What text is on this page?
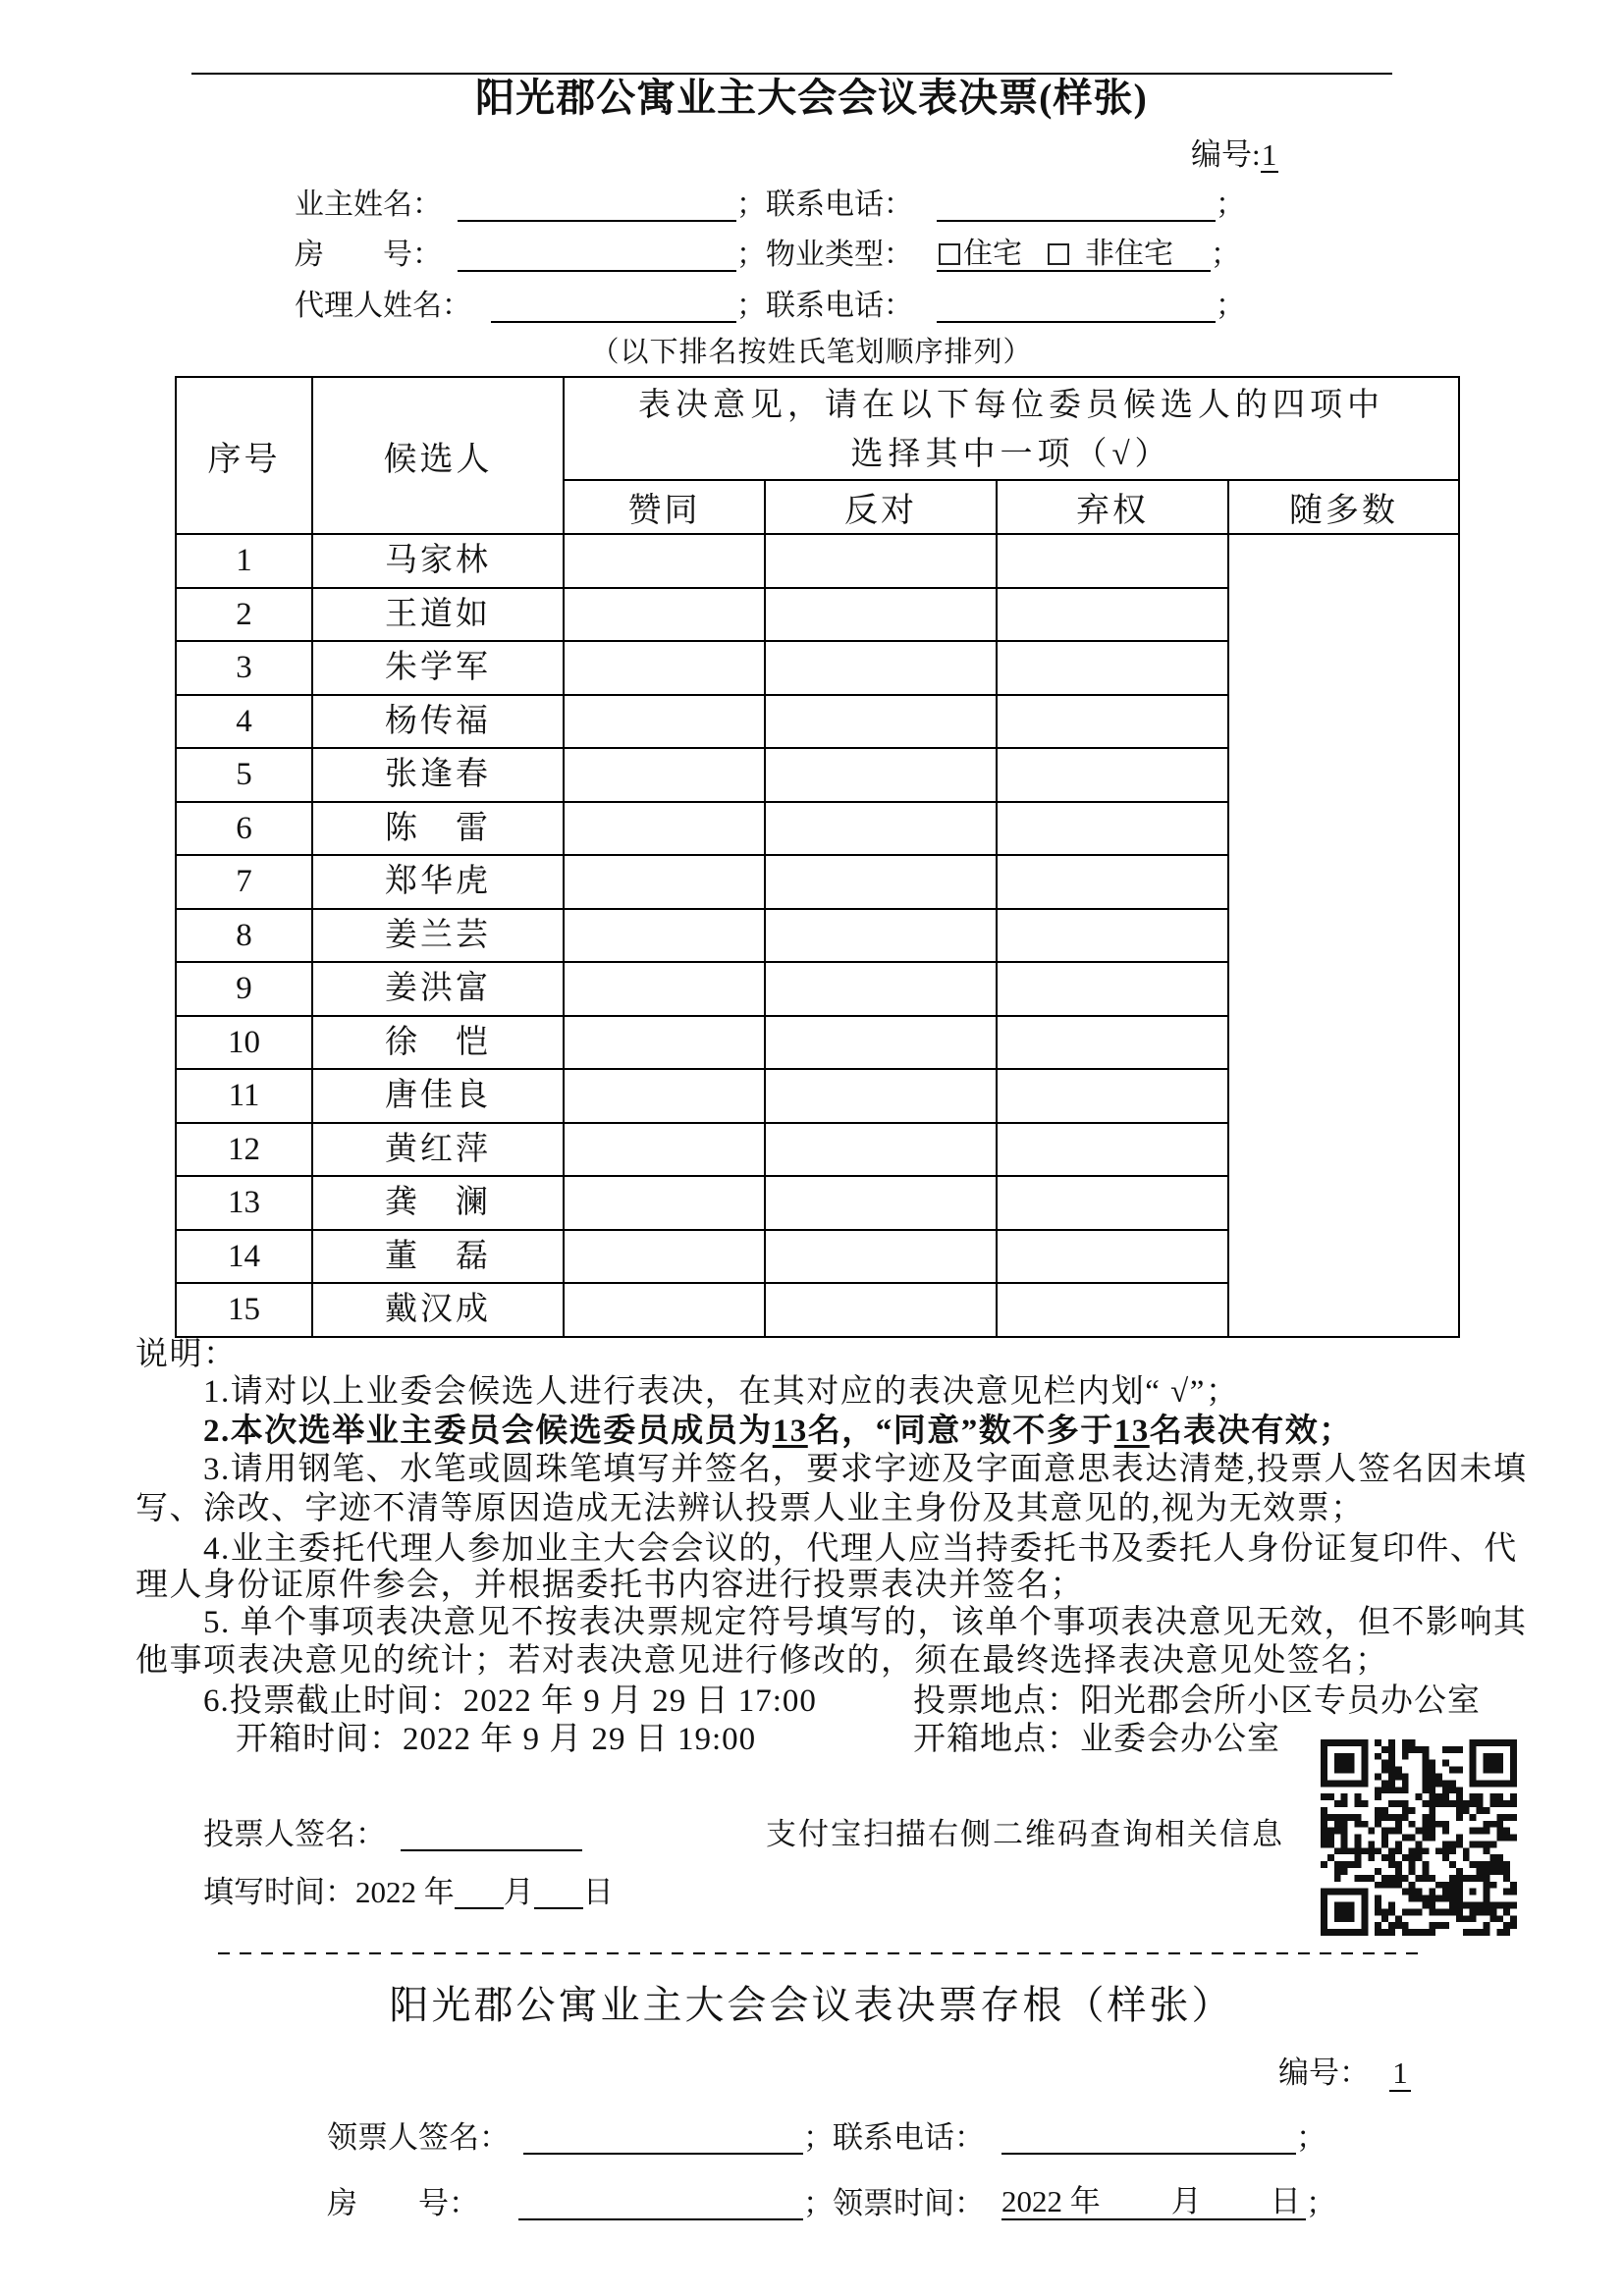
阳光郡公寓业主大会会议表决票(样张)
编号:1
业主姓名：	； 联系电话：	；
房　　号：	； 物业类型：	住宅 非住宅 ；
代理人姓名：	； 联系电话：	；
（以下排名按姓氏笔划顺序排列）
序号	候选人	表决意见，请在以下每位委员候选人的四项中
选择其中一项（√）			

		赞同	反对	弃权	随多数
1	马家林				
2	王道如				
3	朱学军				
4	杨传福				
5	张逢春				
6	陈　雷				
7	郑华虎				
8	姜兰芸				
9	姜洪富				
10	徐　恺				
11	唐佳良				
12	黄红萍				
13	龚　澜				
14	董　磊				
15	戴汉成				
说明：
1.请对以上业委会候选人进行表决，在其对应的表决意见栏内划“ √”；
2.本次选举业主委员会候选委员成员为13名，“同意”数不多于13名表决有效；
3.请用钢笔、水笔或圆珠笔填写并签名，要求字迹及字面意思表达清楚,投票人签名因未填
写、涂改、字迹不清等原因造成无法辨认投票人业主身份及其意见的,视为无效票；
4.业主委托代理人参加业主大会会议的，代理人应当持委托书及委托人身份证复印件、代
理人身份证原件参会，并根据委托书内容进行投票表决并签名；
5. 单个事项表决意见不按表决票规定符号填写的，该单个事项表决意见无效，但不影响其
他事项表决意见的统计；若对表决意见进行修改的，须在最终选择表决意见处签名；
6.投票截止时间：2022 年 9 月 29 日 17:00	投票地点：阳光郡会所小区专员办公室
开箱时间：2022 年 9 月 29 日 19:00	开箱地点：业委会办公室
投票人签名：	支付宝扫描右侧二维码查询相关信息
填写时间： 2022 年 月 日
阳光郡公寓业主大会会议表决票存根（样张）
编号： 1
领票人签名：	； 联系电话：	；
房　　号：	； 领票时间： 2022 年 月 日 ；
